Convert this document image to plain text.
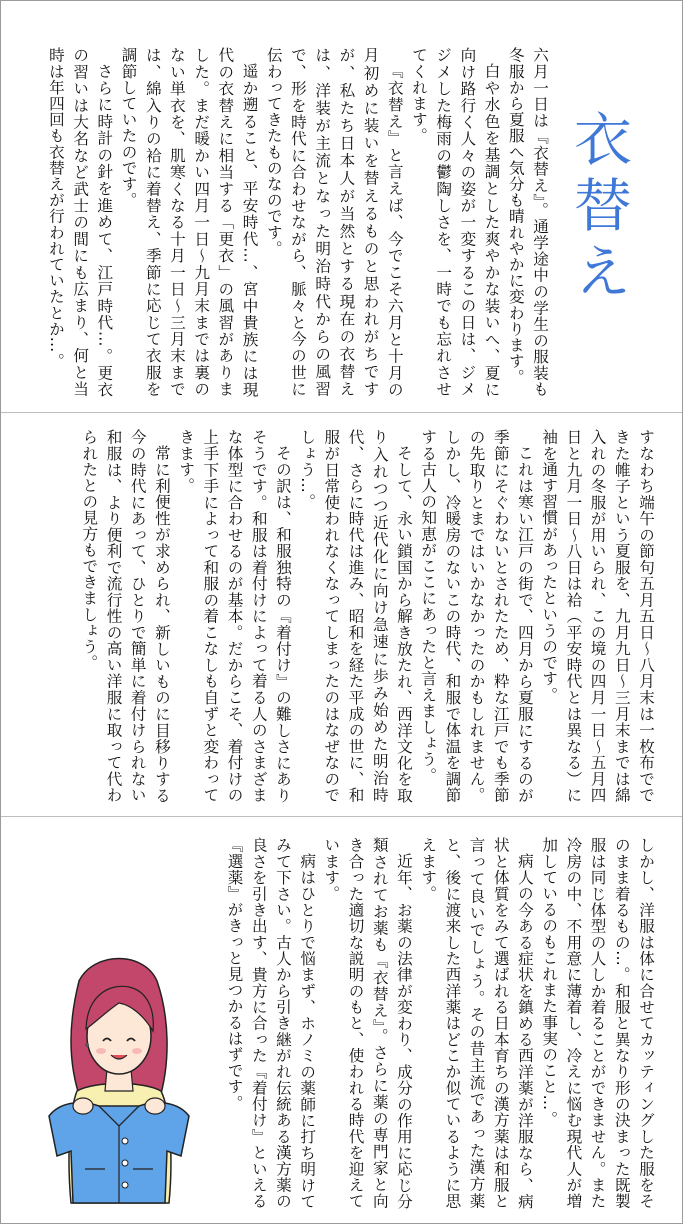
六月一日は『衣替え』。通学途中の学生の服装も冬服から夏服へ気分も晴れやかに変わります。

白や水色を基調とした爽やかな装いへ、夏に向け路行く人々の姿が一変するこの日は、ジメジメした梅雨の鬱陶しさを、一時でも忘れさせてくれます。

『衣替え』と言えば、今でこそ六月と十月の月初めに装いを替えるものと思われがちですが、私たち日本人が当然とする現在の衣替えは、洋装が主流となった明治時代からの風習で、形を時代に合わせながら、脈々と今の世に伝わってきたものなのです。

遥か遡ること、平安時代…、宮中貴族には現代の衣替えに相当する「更衣」の風習がありました。まだ暖かい四月一日〜九月末までは裏のない単衣を、肌寒くなる十月一日〜三月末までは、綿入りの袷に着替え、季節に応じて衣服を調節していたのです。

さらに時計の針を進めて、江戸時代…。更衣の習いは大名など武士の間にも広まり、何と当時は年四回も衣替えが行われていたとか…。	衣替え

すなわち端午の節句五月五日〜八月末は一枚布でできた帷子という夏服を、九月九日〜三月末までは綿入れの冬服が用いられ、この境の四月一日〜五月四日と九月一日〜八日は袷（平安時代とは異なる）に袖を通す習慣があったというのです。

これは寒い江戸の街で、四月から夏服にするのが季節にそぐわないとされたため、粋な江戸でも季節の先取りとまではいかなかったのかもしれません。しかし、冷暖房のないこの時代、和服で体温を調節する古人の知恵がここにあったと言えましょう。

そして、永い鎖国から解き放たれ、西洋文化を取り入れつつ近代化に向け急速に歩み始めた明治時代、さらに時代は進み、昭和を経た平成の世に、和服が日常使われなくなってしまったのはなぜなのでしょう…。

その訳は、和服独特の『着付け』の難しさにありそうです。和服は着付けによって着る人のさまざまな体型に合わせるのが基本。だからこそ、着付けの上手下手によって和服の着こなしも自ずと変わってきます。

常に利便性が求められ、新しいものに目移りする今の時代にあって、ひとりで簡単に着付けられない和服は、より便利で流行性の高い洋服に取って代わられたとの見方もできましょう。

しかし、洋服は体に合せてカッティングした服をそのまま着るもの…。和服と異なり形の決まった既製服は同じ体型の人しか着ることができません。また冷房の中、不用意に薄着し、冷えに悩む現代人が増加しているのもこれまた事実のこと…。

病人の今ある症状を鎮める西洋薬が洋服なら、病状と体質をみて選ばれる日本育ちの漢方薬は和服と言って良いでしょう。その昔主流であった漢方薬と、後に渡来した西洋薬はどこか似ているように思えます。

近年、お薬の法律が変わり、成分の作用に応じ分類されてお薬も『衣替え』。さらに薬の専門家と向き合った適切な説明のもと、使われる時代を迎えています。

病はひとりで悩まず、ホノミの薬師に打ち明けてみて下さい。古人から引き継がれ伝統ある漢方薬の良さを引き出す、貴方に合った『着付け』といえる『選薬』がきっと見つかるはずです。
